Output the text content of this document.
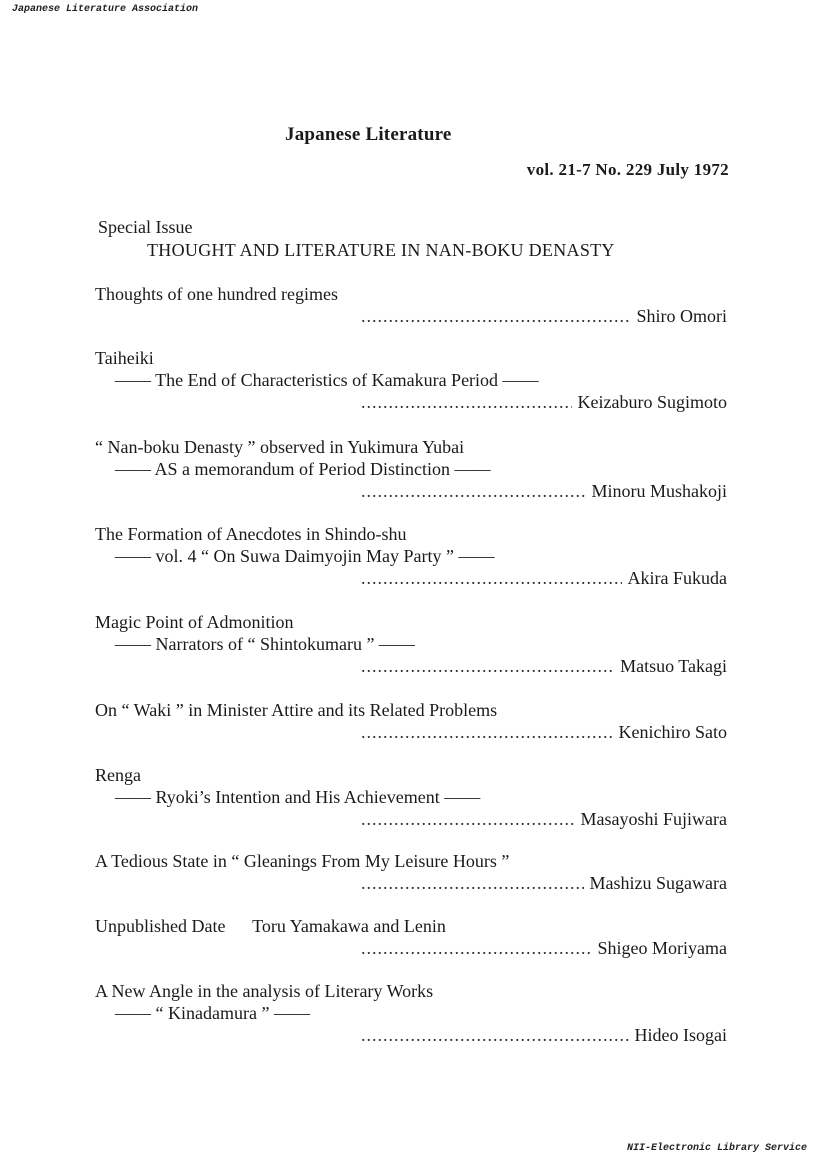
Japanese Literature Association
Japanese Literature
vol. 21-7 No. 229 July 1972
Special Issue
THOUGHT AND LITERATURE IN NAN-BOKU DENASTY
Thoughts of one hundred regimes
.....
Shiro Omori
Taiheiki
—— The End of Characteristics of Kamakura Period ——
.....
Keizaburo Sugimoto
“ Nan-boku Denasty ” observed in Yukimura Yubai
—— AS a memorandum of Period Distinction ——
.....
Minoru Mushakoji
The Formation of Anecdotes in Shindo-shu
—— vol. 4 “ On Suwa Daimyojin May Party ” ——
.....
Akira Fukuda
Magic Point of Admonition
—— Narrators of “ Shintokumaru ” ——
.....
Matsuo Takagi
On “ Waki ” in Minister Attire and its Related Problems
.....
Kenichiro Sato
Renga
—— Ryoki’s Intention and His Achievement ——
.....
Masayoshi Fujiwara
A Tedious State in “ Gleanings From My Leisure Hours ”
.....
Mashizu Sugawara
Unpublished Date      Toru Yamakawa and Lenin
.....
Shigeo Moriyama
A New Angle in the analysis of Literary Works
—— “ Kinadamura ” ——
.....
Hideo Isogai
NII-Electronic Library Service
